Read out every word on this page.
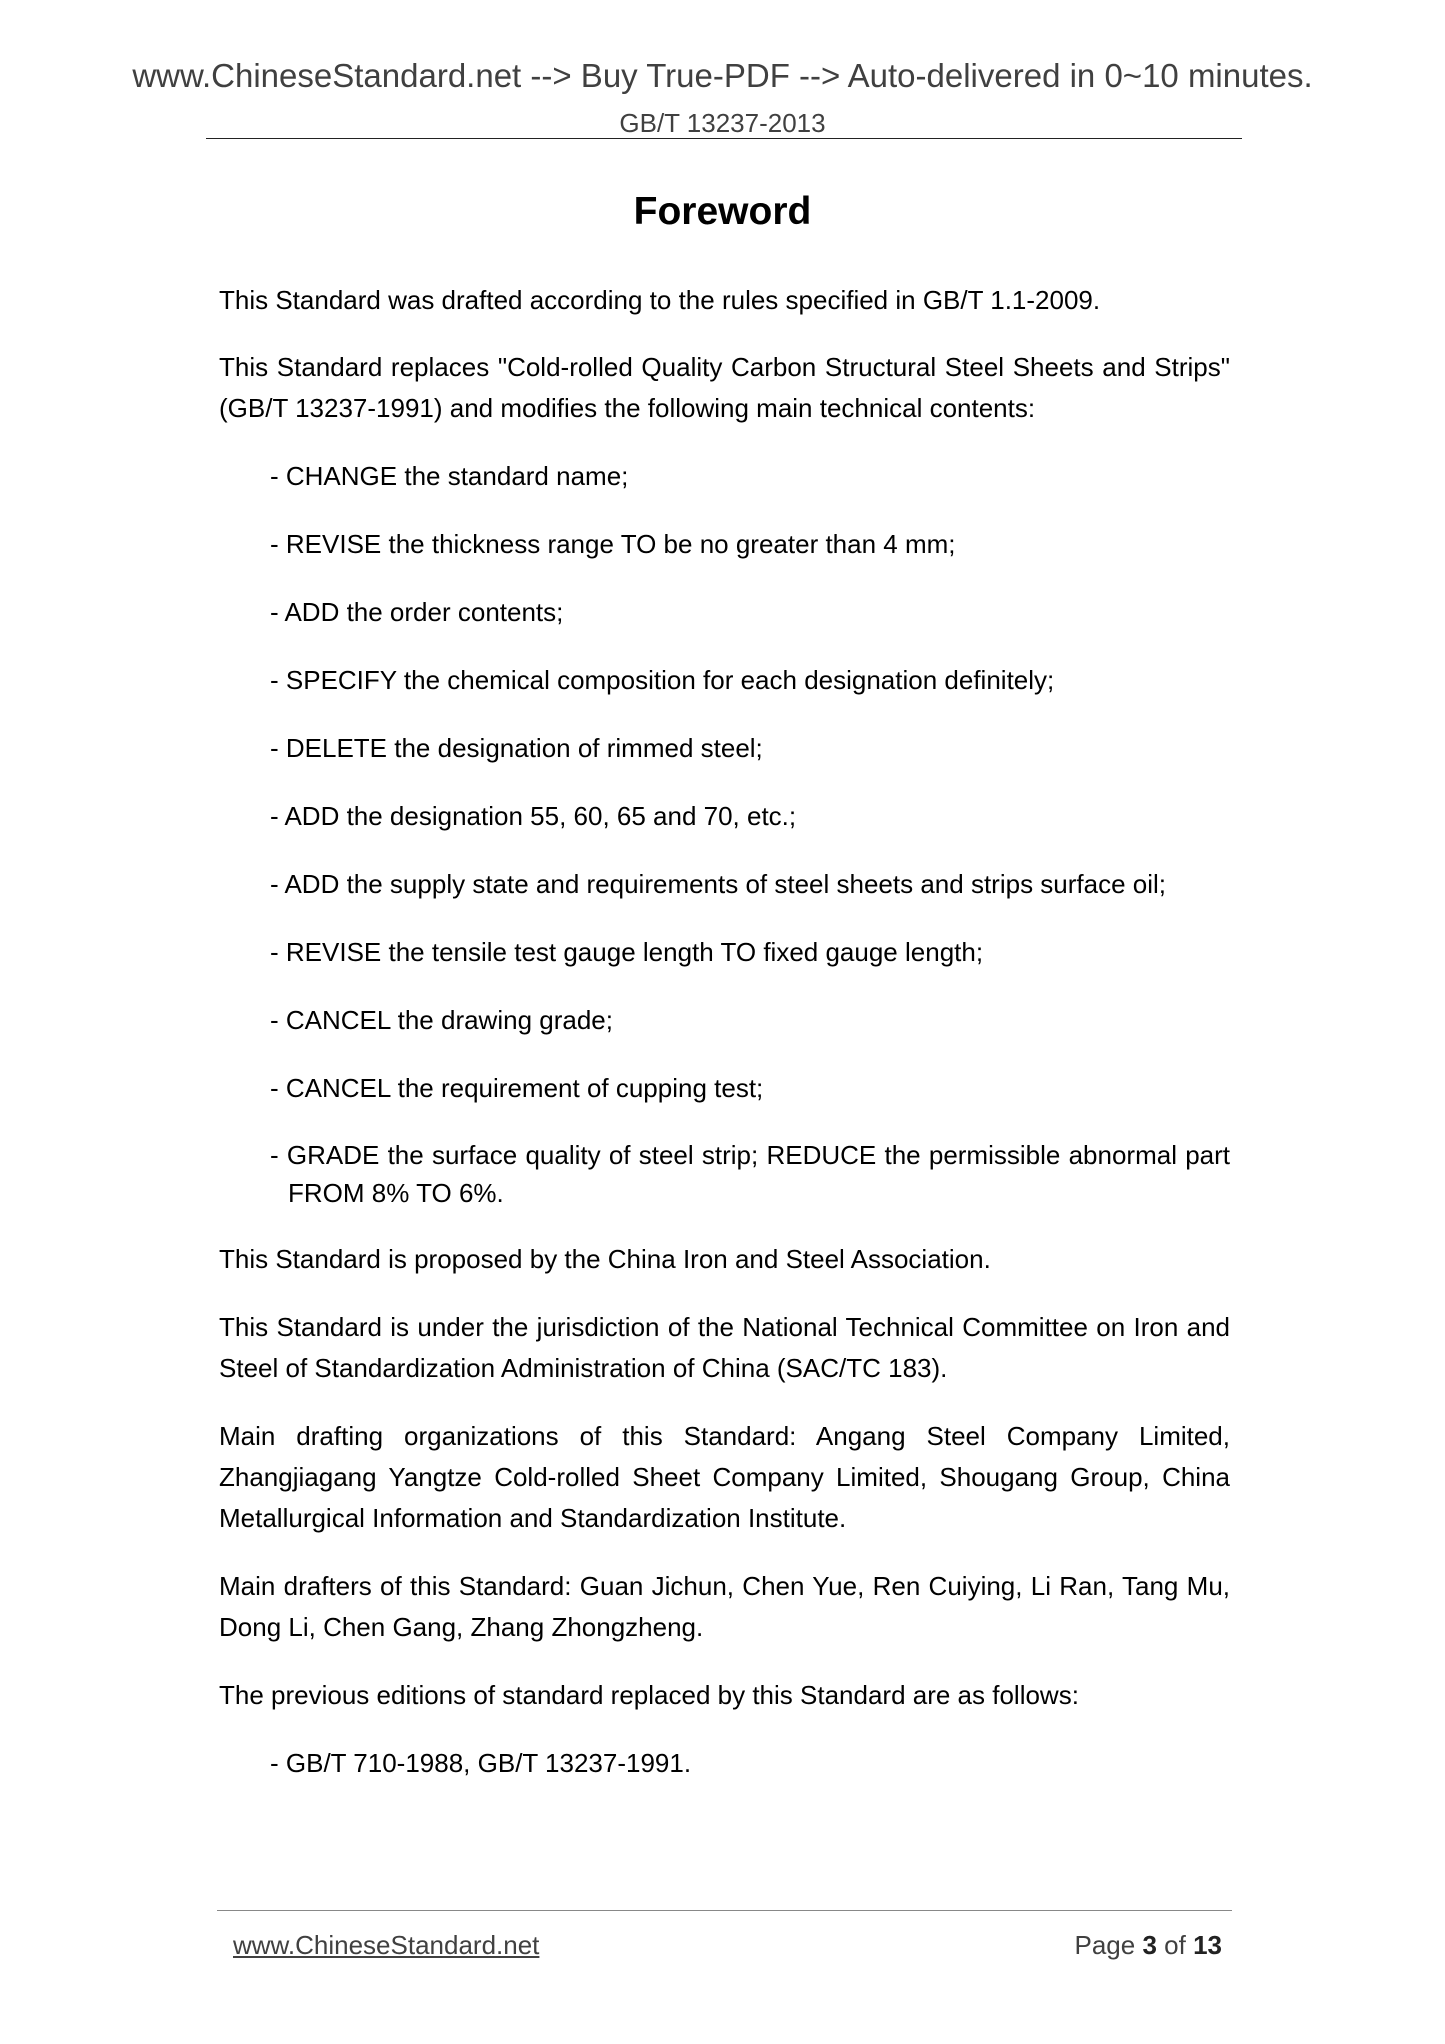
www.ChineseStandard.net --> Buy True-PDF --> Auto-delivered in 0~10 minutes.
GB/T 13237-2013
Foreword

This Standard was drafted according to the rules specified in GB/T 1.1-2009.

This Standard replaces "Cold-rolled Quality Carbon Structural Steel Sheets and Strips" (GB/T 13237-1991) and modifies the following main technical contents:

- CHANGE the standard name;
- REVISE the thickness range TO be no greater than 4 mm;
- ADD the order contents;
- SPECIFY the chemical composition for each designation definitely;
- DELETE the designation of rimmed steel;
- ADD the designation 55, 60, 65 and 70, etc.;
- ADD the supply state and requirements of steel sheets and strips surface oil;
- REVISE the tensile test gauge length TO fixed gauge length;
- CANCEL the drawing grade;
- CANCEL the requirement of cupping test;
- GRADE the surface quality of steel strip; REDUCE the permissible abnormal part FROM 8% TO 6%.

This Standard is proposed by the China Iron and Steel Association.

This Standard is under the jurisdiction of the National Technical Committee on Iron and Steel of Standardization Administration of China (SAC/TC 183).

Main drafting organizations of this Standard: Angang Steel Company Limited, Zhangjiagang Yangtze Cold-rolled Sheet Company Limited, Shougang Group, China Metallurgical Information and Standardization Institute.

Main drafters of this Standard: Guan Jichun, Chen Yue, Ren Cuiying, Li Ran, Tang Mu, Dong Li, Chen Gang, Zhang Zhongzheng.

The previous editions of standard replaced by this Standard are as follows:

- GB/T 710-1988, GB/T 13237-1991.
www.ChineseStandard.net	Page 3 of 13
